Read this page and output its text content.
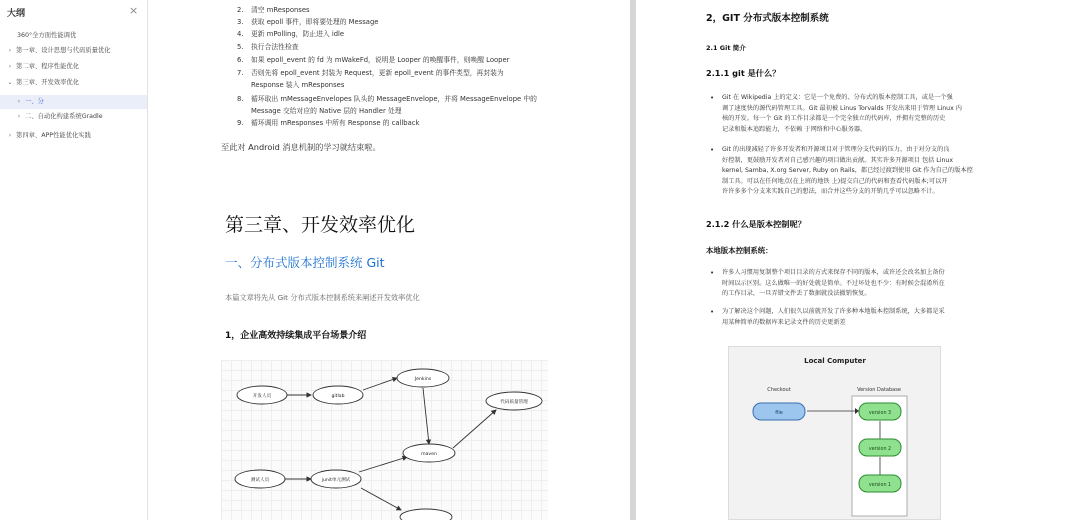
大纲	×
360°全方面性能调优
› 第一章、设计思想与代码质量优化
› 第二章、程序性能优化
⌄ 第三章、开发效率优化
› 一、分
› 二、自动化构建系统Gradle
› 第四章、APP性能优化实践
2.	清空 mResponses
3.	获取 epoll 事件，即将要处理的 Message
4.	更新 mPolling，防止进入 idle
5.	执行合法性检查
6.	如果 epoll_event 的 fd 为 mWakeFd，说明是 Looper 的唤醒事件，则唤醒 Looper
7.	否则先将 epoll_event 封装为 Request，更新 epoll_event 的事件类型，再封装为
Response 装入 mResponses
8.	循环取出 mMessageEnvelopes 队头的 MessageEnvelope，并将 MessageEnvelope 中的
Message 交给对应的 Native 层的 Handler 处理
9.	循环调用 mResponses 中所有 Response 的 callback
至此对 Android 消息机制的学习就结束啦。
第三章、开发效率优化
一、分布式版本控制系统 Git
本篇文章将先从 Git 分布式版本控制系统来阐述开发效率优化
1，企业高效持续集成平台场景介绍
开发人员	gitlab
Jenkins
代码质量管理
maven
测试人员	junit单元测试
2，GIT 分布式版本控制系统
2.1 Git 简介
2.1.1 git 是什么？
• Git 在 Wikipedia 上的定义：它是一个免费的、分布式的版本控制工具，或是一个强
调了速度快的源代码管理工具。Git 最初被 Linus Torvalds 开发出来用于管理 Linux 内
核的开发。每一个 Git 的工作目录都是一个完全独立的代码库，并拥有完整的历史
记录和版本追踪能力，不依赖 于网络和中心服务器。
• Git 的出现减轻了许多开发者和开源项目对于管理分支代码的压力，由于对分支的良
好控制，更鼓励开发者对自己感兴趣的项目做出贡献。其实许多开源项目 包括 Linux
kernel, Samba, X.org Server, Ruby on Rails，都已经过渡到使用 Git 作为自己的版本控
制工具。可以在任何地点(在上班的地铁 上)提交自己的代码和查看代码版本;可以开
许许多多个分支来实践自己的想法，而合并这些分支的开销几乎可以忽略不计。
2.1.2 什么是版本控制呢？
本地版本控制系统：
• 许多人习惯用复制整个项目目录的方式来保存不同的版本，或许还会改名加上备份
时间以示区别。这么做唯一的好处就是简单。不过坏处也不少：有时候会混淆所在
的工作目录，一旦弄错文件丢了数据就没法撤销恢复。
• 为了解决这个问题，人们很久以前就开发了许多种本地版本控制系统，大多都是采
用某种简单的数据库来记录文件的历史更新差
Local Computer
Checkout	Version Database
file	version 3
version 2
version 1
